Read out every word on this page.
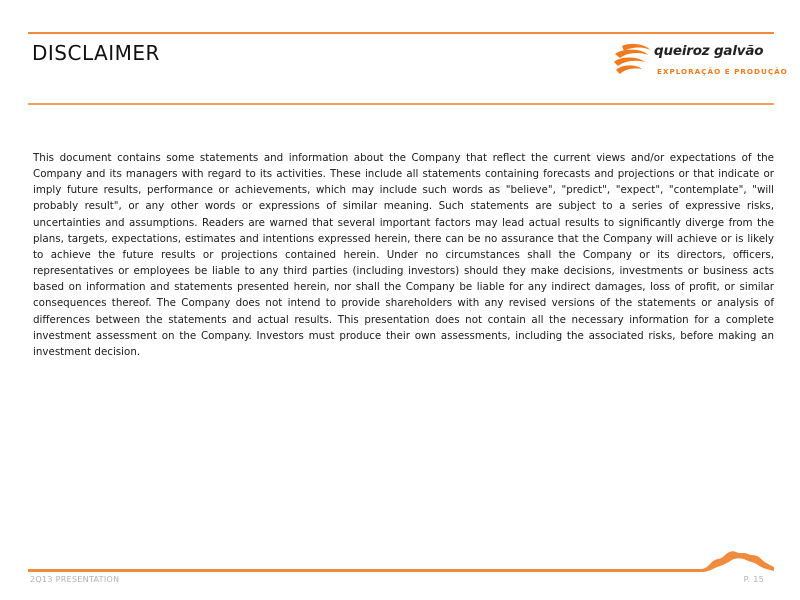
DISCLAIMER	queiroz galvão
EXPLORAÇÃO E PRODUÇÃO

This document contains some statements and information about the Company that reflect the current views and/or expectations of the Company and its managers with regard to its activities. These include all statements containing forecasts and projections or that indicate or imply future results, performance or achievements, which may include such words as "believe", "predict", "expect", "contemplate", "will probably result", or any other words or expressions of similar meaning. Such statements are subject to a series of expressive risks, uncertainties and assumptions. Readers are warned that several important factors may lead actual results to significantly diverge from the plans, targets, expectations, estimates and intentions expressed herein, there can be no assurance that the Company will achieve or is likely to achieve the future results or projections contained herein. Under no circumstances shall the Company or its directors, officers, representatives or employees be liable to any third parties (including investors) should they make decisions, investments or business acts based on information and statements presented herein, nor shall the Company be liable for any indirect damages, loss of profit, or similar consequences thereof. The Company does not intend to provide shareholders with any revised versions of the statements or analysis of differences between the statements and actual results. This presentation does not contain all the necessary information for a complete investment assessment on the Company. Investors must produce their own assessments, including the associated risks, before making an investment decision.

2Q13 PRESENTATION	P. 15
